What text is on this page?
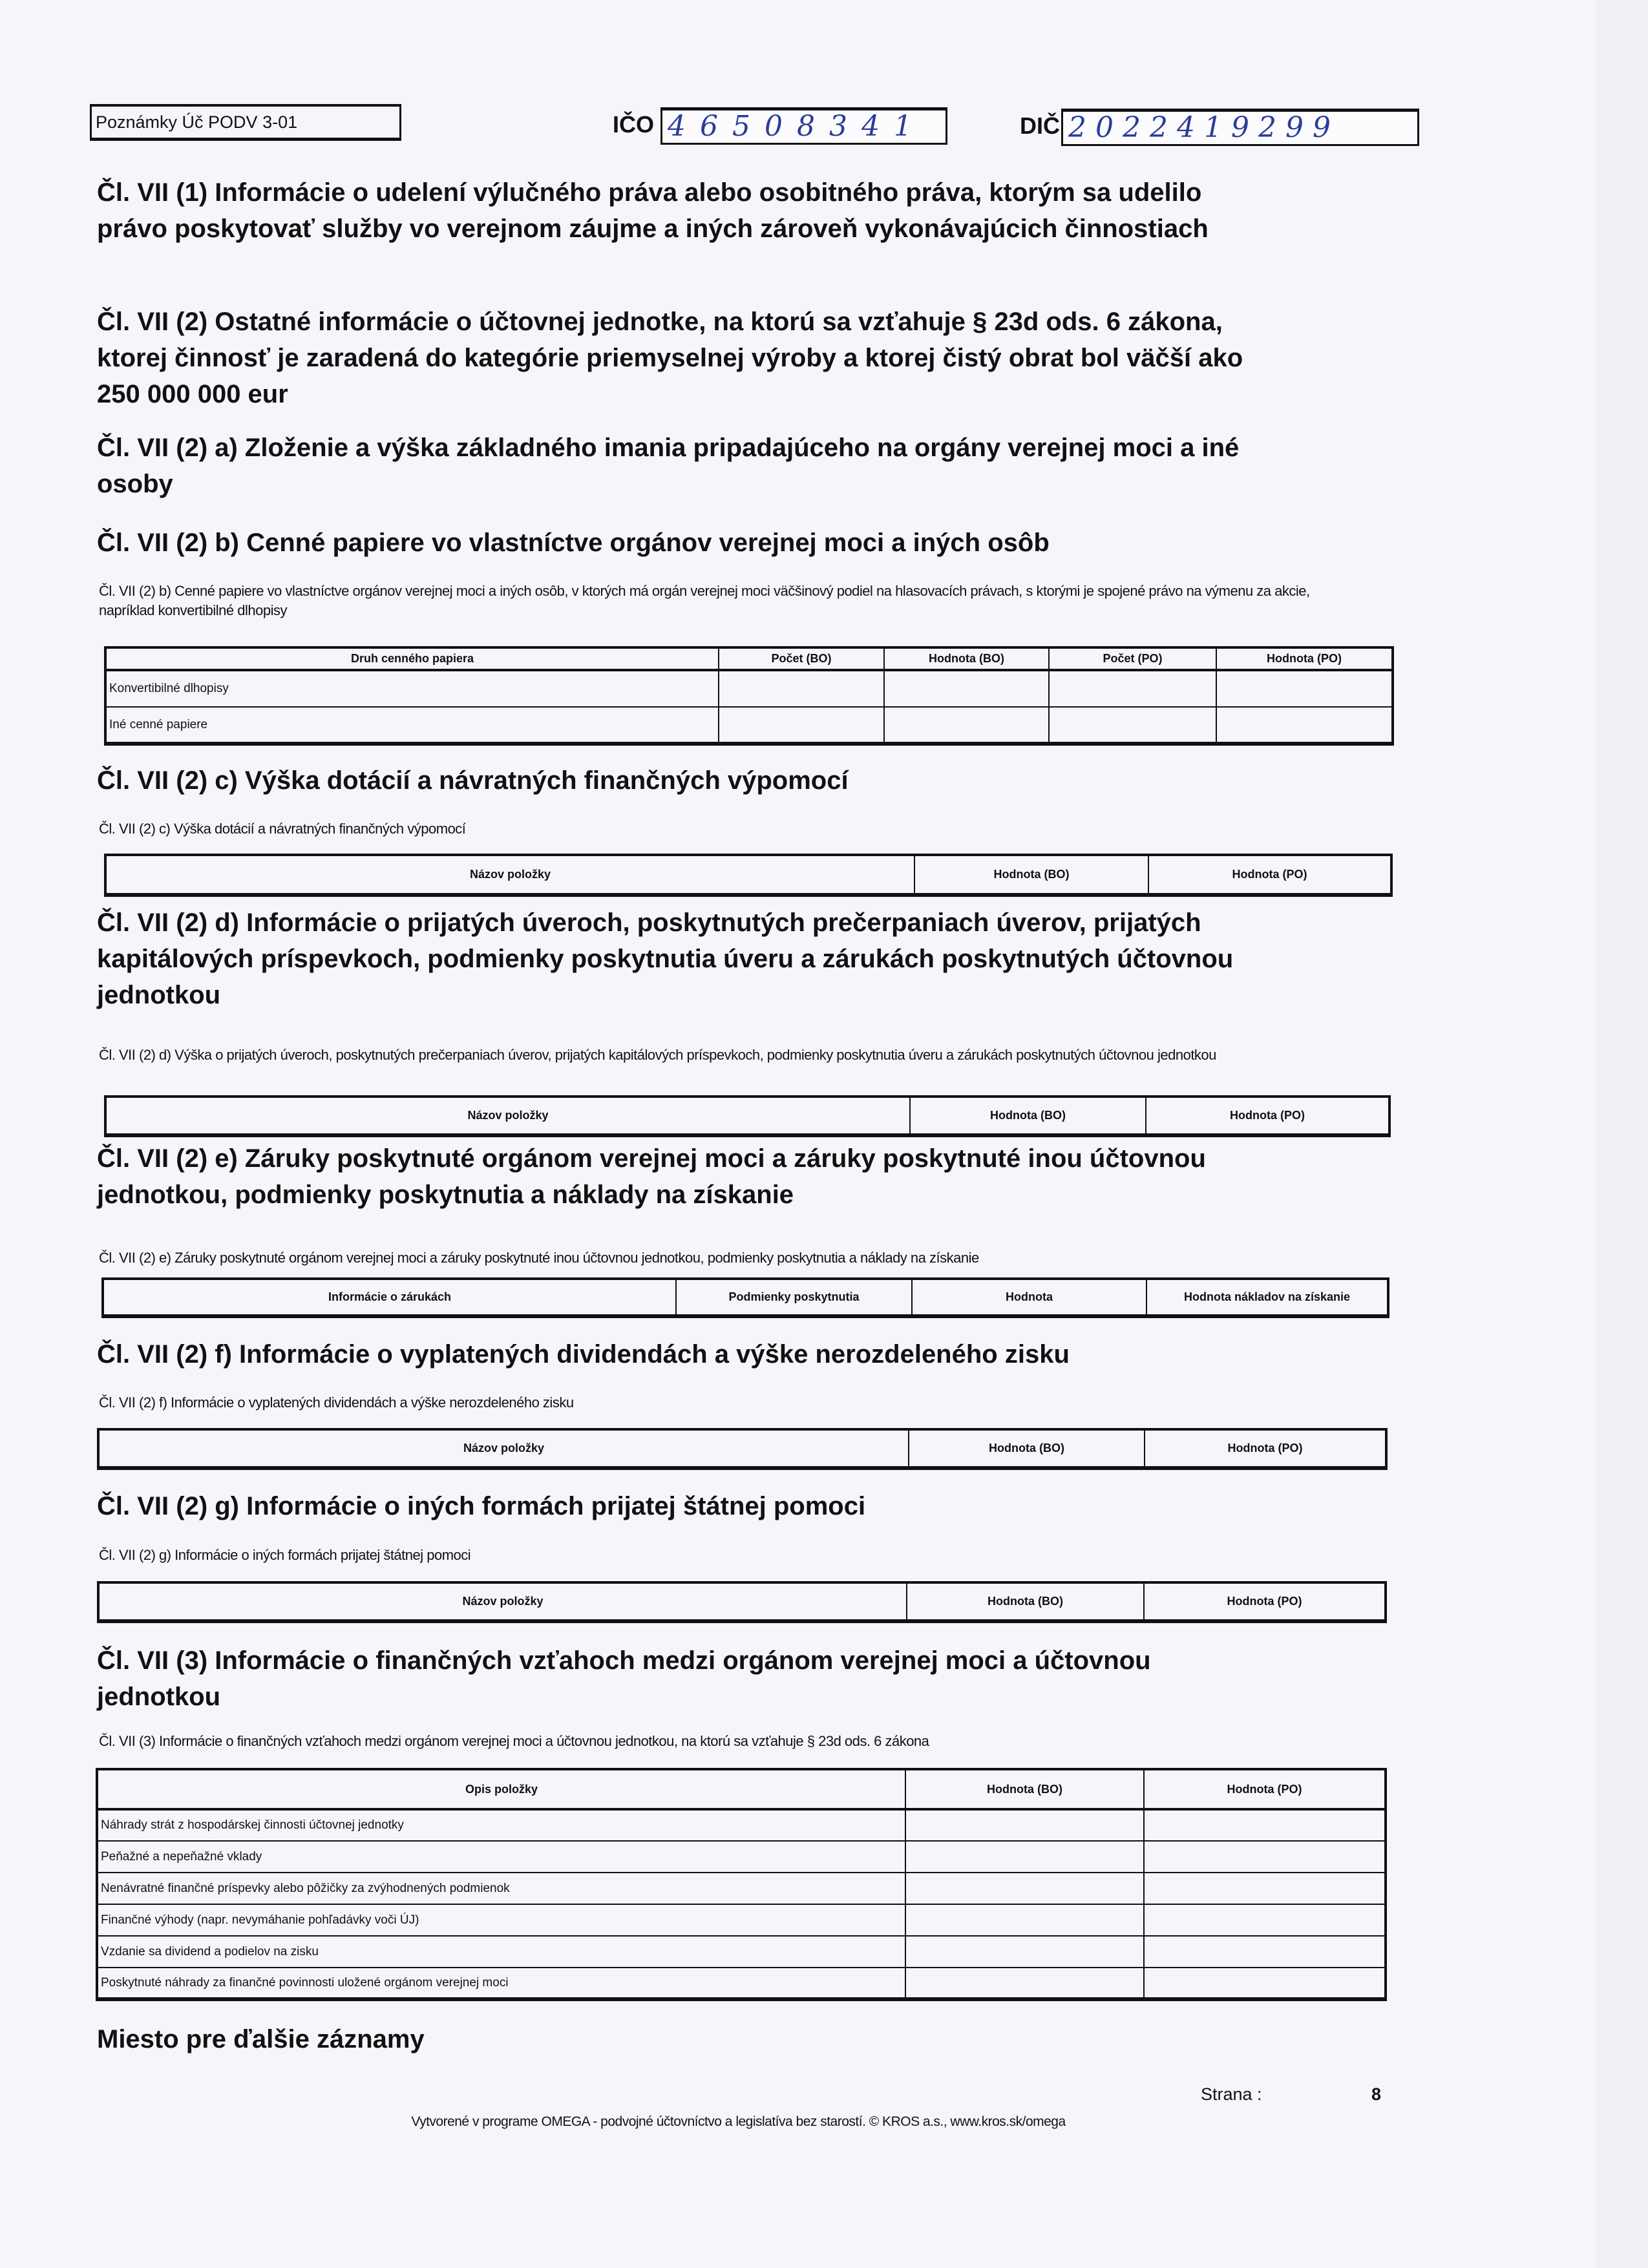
Poznámky Úč PODV 3-01	IČO 46508341	DIČ 2022419299
Čl. VII (1) Informácie o udelení výlučného práva alebo osobitného práva, ktorým sa udelilo právo poskytovať služby vo verejnom záujme a iných zároveň vykonávajúcich činnostiach
Čl. VII (2) Ostatné informácie o účtovnej jednotke, na ktorú sa vzťahuje § 23d ods. 6 zákona, ktorej činnosť je zaradená do kategórie priemyselnej výroby a ktorej čistý obrat bol väčší ako 250 000 000 eur
Čl. VII (2) a) Zloženie a výška základného imania pripadajúceho na orgány verejnej moci a iné osoby
Čl. VII (2) b) Cenné papiere vo vlastníctve orgánov verejnej moci a iných osôb
Čl. VII (2) b) Cenné papiere vo vlastníctve orgánov verejnej moci a iných osôb, v ktorých má orgán verejnej moci väčšinový podiel na hlasovacích právach, s ktorými je spojené právo na výmenu za akcie, napríklad konvertibilné dlhopisy
Druh cenného papiera	Počet (BO)	Hodnota (BO)	Počet (PO)	Hodnota (PO)
Konvertibilné dlhopisy				
Iné cenné papiere				
Čl. VII (2) c) Výška dotácií a návratných finančných výpomocí
Čl. VII (2) c) Výška dotácií a návratných finančných výpomocí
Názov položky	Hodnota (BO)	Hodnota (PO)
Čl. VII (2) d) Informácie o prijatých úveroch, poskytnutých prečerpaniach úverov, prijatých kapitálových príspevkoch, podmienky poskytnutia úveru a zárukách poskytnutých účtovnou jednotkou
Čl. VII (2) d) Výška o prijatých úveroch, poskytnutých prečerpaniach úverov, prijatých kapitálových príspevkoch, podmienky poskytnutia úveru a zárukách poskytnutých účtovnou jednotkou
Názov položky	Hodnota (BO)	Hodnota (PO)
Čl. VII (2) e) Záruky poskytnuté orgánom verejnej moci a záruky poskytnuté inou účtovnou jednotkou, podmienky poskytnutia a náklady na získanie
Čl. VII (2) e) Záruky poskytnuté orgánom verejnej moci a záruky poskytnuté inou účtovnou jednotkou, podmienky poskytnutia a náklady na získanie
Informácie o zárukách	Podmienky poskytnutia	Hodnota	Hodnota nákladov na získanie
Čl. VII (2) f) Informácie o vyplatených dividendách a výške nerozdeleného zisku
Čl. VII (2) f) Informácie o vyplatených dividendách a výške nerozdeleného zisku
Názov položky	Hodnota (BO)	Hodnota (PO)
Čl. VII (2) g) Informácie o iných formách prijatej štátnej pomoci
Čl. VII (2) g) Informácie o iných formách prijatej štátnej pomoci
Názov položky	Hodnota (BO)	Hodnota (PO)
Čl. VII (3) Informácie o finančných vzťahoch medzi orgánom verejnej moci a účtovnou jednotkou
Čl. VII (3) Informácie o finančných vzťahoch medzi orgánom verejnej moci a účtovnou jednotkou, na ktorú sa vzťahuje § 23d ods. 6 zákona
Opis položky	Hodnota (BO)	Hodnota (PO)
Náhrady strát z hospodárskej činnosti účtovnej jednotky		
Peňažné a nepeňažné vklady		
Nenávratné finančné príspevky alebo pôžičky za zvýhodnených podmienok		
Finančné výhody (napr. nevymáhanie pohľadávky voči ÚJ)		
Vzdanie sa dividend a podielov na zisku		
Poskytnuté náhrady za finančné povinnosti uložené orgánom verejnej moci		
Miesto pre ďalšie záznamy
Strana :	8
Vytvorené v programe OMEGA - podvojné účtovníctvo a legislatíva bez starostí. © KROS a.s., www.kros.sk/omega
